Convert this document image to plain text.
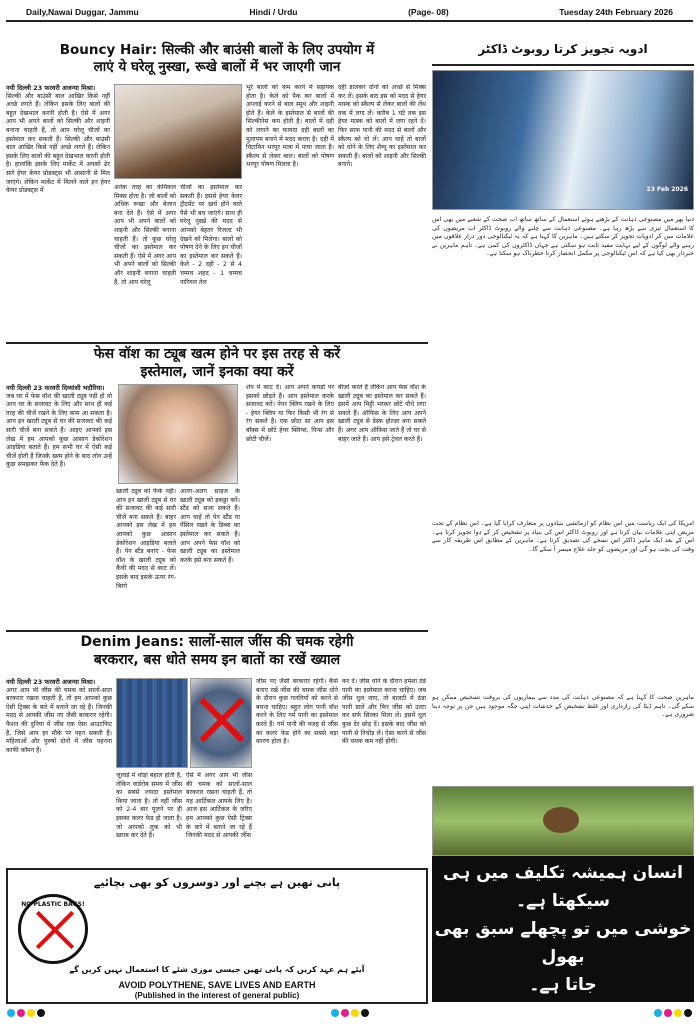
Daily,Nawai Duggar, Jammu	Hindi / Urdu	(Page- 08)	Tuesday 24th February 2026
Bouncy Hair: सिल्की और बाउंसी बालों के लिए उपयोग में
लाएं ये घरेलू नुस्खा, रूखे बालों में भर जाएगी जान
नयी दिल्ली 23 फरवरी अजन्या मिश्रा।
सिल्की और बाउंसी बाल आखिर किसे नहीं अच्छे लगते हैं। लेकिन इसके लिए बालों की बहुत देखभाल करनी होती है। ऐसे में अगर आप भी अपने बालों को सिल्की और शाइनी बनाना चाहती हैं, तो आप घरेलू चीजों का इस्तेमाल कर सकती हैं। सिल्की और बाउंसी बाल आखिर किसे नहीं अच्छे लगते हैं। लेकिन इसके लिए बालों की बहुत देखभाल करनी होती है। हालांकि इसके लिए मार्केट में अपको ढेर सारे हेयर केयर प्रोडक्ट्स भी आसानी से मिल जाएंगे। लेकिन मार्केट में मिलने वाले इन हेयर केयर प्रोडक्ट्स में	अनेक तरह का केमिकल मिक्स होता है। जो बालों को अधिक रूखा और बेजान बना देते हैं। ऐसे में अगर आप भी अपने बालों को शाइनी और सिल्की बनाना चाहती हैं। तो कुछ घरेलू चीजों का इस्तेमाल कर सकती हैं। ऐसे में अगर आप भी अपने बालों को सिल्की और शाइनी बनाना चाहती हैं, तो आप घरेलू
चीजों का इस्तेमाल कर सकती हैं। इससे हेयर केयर ट्रीटमेंट पर खर्च होने वाले पैसे भी बच जाएंगे। साथ ही घरेलू नुस्खे की मदद से आपको बेहतर रिजल्ट भी देखने को मिलेगा। बालों को पोषण देने के लिए इन चीजों का इस्तेमाल कर सकते हैं। केले - 2 दही - 2 से 4 चम्मच शहद - 1 चम्मच नारियल तेल
भूरे बालों को कम करने में सहायक होता है। केले को पैक कर बालों में अप्लाई करने से बाल स्मूथ और शाइनी होते हैं। केले के इस्तेमाल से बालों की सिल्कीनेस कम होती है। बालों में दही को लगाने का फायदा दही बालों का मुलायम बनाने में मदद करता है। दही में विटामिन भरपूर मात्रा में पाया जाता है। स्कैल्प से लेकर बाल। बालों को पोषण भरपूर पोषण मिलता है।
दही डालकर दोनों को अच्छे से मिक्स कर लें। इसके बाद इस को मदद से हेयर मास्क को स्कैल्प से लेकर बालों की लेंथ तक में लगा लें। करीब 1 घंटे तक इस हेयर मास्क को बालों में लगा रहने दें। फिर साफ पानी की मदद से बालों और स्कैल्प को धो लें। आप चाहें तो बालों को धोने के लिए शैम्पू का इस्तेमाल कर सकती हैं। बालों को शाइनी और सिल्की बनाने।
फेस वॉश का ट्यूब खत्म होने पर इस तरह से करें
इस्तेमाल, जानें इनका क्या करें
नयी दिल्ली 23 फरवरी दिव्यांशी भदौरिया।
जब घर में फेस वॉश की खाली ट्यूब पड़ी हो तो आप घर के सजावट के लिए और साथ ही कई तरह की चीजें रखने के लिए काम आ सकता है। आप इन खाली ट्यूब से घर की सजावट की कई सारी चीजें बना सकते हैं। आइए आपको इस लेख में हम आपको कुछ आसान डेकोरेशन आइडिया बताते हैं। हम सभी घर में ऐसी कई चीजें होती हैं जिनके खत्म होने के बाद लोग उन्हें कूड़ा समझकर फेंक देते हैं।
खाली ट्यूब को फेंके नहीं। आप इन खाली ट्यूब से घर की सजावट की कई सारी चीजें बना सकते हैं। बाहर आपको इस लेख में हम आपको कुछ आसान डेकोरेशन आइडिया बताते हैं। पेन स्टैंड बनाएं - फेस वॉश के खाली ट्यूब को कैंची की मदद से काट लें। इसके बाद इसके ऊपर रंग-बिरंगे
अलग-अलग साइज के खाली ट्यूब को इकठ्ठा करें। स्टैंड को सजा सकते हैं। आप चाहें तो पेन स्टैंड या पेंसिल रखने के डिब्बा का इस्तेमाल कर सकते हैं। आप अपने फेस वॉश को खाली ट्यूब का इस्तेमाल करके इसे बना सकते हैं।
शेप में काट दें। आप अपने कपड़ों पर इसको छोड़ते हैं। आप इस्तेमाल करके सजावट करें। पेपर क्लिप रखने के लिए - हेयर क्लिप या फिर किसी भी रंग से रंग सकते हैं। एक छोटा सा आप इस बॉक्स में छोटे हेयर क्लिप्स, पिन्स और छोटी चीजें।
बीजों करते हैं लेकिन आप फेस वॉश के खाली ट्यूब का इस्तेमाल कर सकते हैं। इसमें आप मिट्टी भरकर छोटे पौधे लगा सकते हैं। ऑफिस के लिए आप अपने खाली ट्यूब से डेस्क होल्डर बना सकते हैं। अगर आप ऑफिस जाते हैं तो घर से बाहर जाते हैं। आप इसे ट्रेवल करते हैं।
Denim Jeans: सालों-साल जींस की चमक रहेगी
बरकरार, बस धोते समय इन बातों का रखें ख्याल
नयी दिल्ली 23 फरवरी अजन्या मिश्रा।
अगर आप भी जींस की चमक को सालों-साल बरकरार रखना चाहती हैं, तो हम आपको कुछ ऐसी ट्रिक्स के बारे में बताने जा रहे हैं। जिनकी मदद से आपकी जींस नए जैसी बरकरार रहेगी। फैशन की दुनिया में जींस एक ऐसा आउटफिट है, जिसे आप हर मौके पर पहन सकती हैं। महिलाओं और पुरुषों दोनों में जींस पहनना काफी कॉमन है।
जुलाई में थोड़ा बहाल होती है, लेकिन वार्डरोब समय में जींस का सबसे ज्यादा इस्तेमाल किया जाता है। तो वहीं जींस को 2-4 बार यूज़ने पर ही इसका कलर फेड हो जाता है। जो आपको लुक को भी खराब कर देते हैं।
ऐसे में अगर आप भी जींस की चमक को सालों-साल बरकरार रखना चाहती हैं, तो यह आर्टिकल आपके लिए है। आज इस आर्टिकल के जरिए हम आपको कुछ ऐसी ट्रिक्स के बारे में बताने जा रहे हैं जिनकी मदद से आपकी जींस
जींस नए जैसी बरकरार रहेगी। कैसे बनाए रखें जींस की चमक जींस धोने के दौरान कुछ गलतियों को करने से बचना चाहिए। बहुत लोग पानी वॉश करने के लिए गर्म पानी का इस्तेमाल करते हैं। गर्म पानी की वजह से जींस का कलर फेड होने का सबसे बड़ा कारण होता है।
कर दें। जींस धोने के दौरान हमेशा ठंडे पानी का इस्तेमाल करना चाहिए। जब जींस धुल जाए, तो बालटी में ठंडा पानी डालें और फिर जींस को उल्टा कर सर्फ सिरका मिला लें। इसमें धूल कुछ देर छोड़ दें। इसके बाद जींस को पानी से निचोड़ लें। ऐसा करने से जींस की चमक कम नहीं होगी।
پانی تھین ہے بچنے اور دوسروں کو بھی بچائیے
NO PLASTIC BAGS!
آیئے ہم عہد کریں کہ پانی تھین جیسی موزی شئے کا استعمال نہیں کریں گے
AVOID POLYTHENE, SAVE LIVES AND EARTH
(Published in the interest of general public)
ادویہ تجویز کرتا روبوٹ ڈاکٹر
23 Feb 2026
دنیا بھر میں مصنوعی ذہانت کے بڑھتے ہوئے استعمال کے ساتھ ساتھ اب صحت کے شعبے میں بھی اس کا استعمال تیزی سے بڑھ رہا ہے۔ مصنوعی ذہانت سے چلنے والے روبوٹ ڈاکٹر اب مریضوں کی علامات سن کر ادویات تجویز کر سکتے ہیں۔ ماہرین کا کہنا ہے کہ یہ ٹیکنالوجی دور دراز علاقوں میں رہنے والے لوگوں کے لیے نہایت مفید ثابت ہو سکتی ہے جہاں ڈاکٹروں کی کمی ہے۔ تاہم ماہرین نے خبردار بھی کیا ہے کہ اس ٹیکنالوجی پر مکمل انحصار کرنا خطرناک ہو سکتا ہے۔
امریکا کی ایک ریاست میں اس نظام کو آزمائشی بنیادوں پر متعارف کرایا گیا ہے۔ اس نظام کے تحت مریض اپنی علامات بیان کرتا ہے اور روبوٹ ڈاکٹر اس کی بنیاد پر تشخیص کر کے دوا تجویز کرتا ہے۔ اس کے بعد ایک ماہر ڈاکٹر اس نسخے کی تصدیق کرتا ہے۔ ماہرین کے مطابق اس طریقہ کار سے وقت کی بچت ہو گی اور مریضوں کو جلد علاج میسر آ سکے گا۔
ماہرین صحت کا کہنا ہے کہ مصنوعی ذہانت کی مدد سے بیماریوں کی بروقت تشخیص ممکن ہو سکے گی۔ تاہم ڈیٹا کی رازداری اور غلط تشخیص کے خدشات اپنی جگہ موجود ہیں جن پر توجہ دینا ضروری ہے۔
انسان ہمیشہ تکلیف میں ہی
سیکھتا ہے۔
خوشی میں تو پچھلے سبق بھی بھول
جاتا ہے۔
